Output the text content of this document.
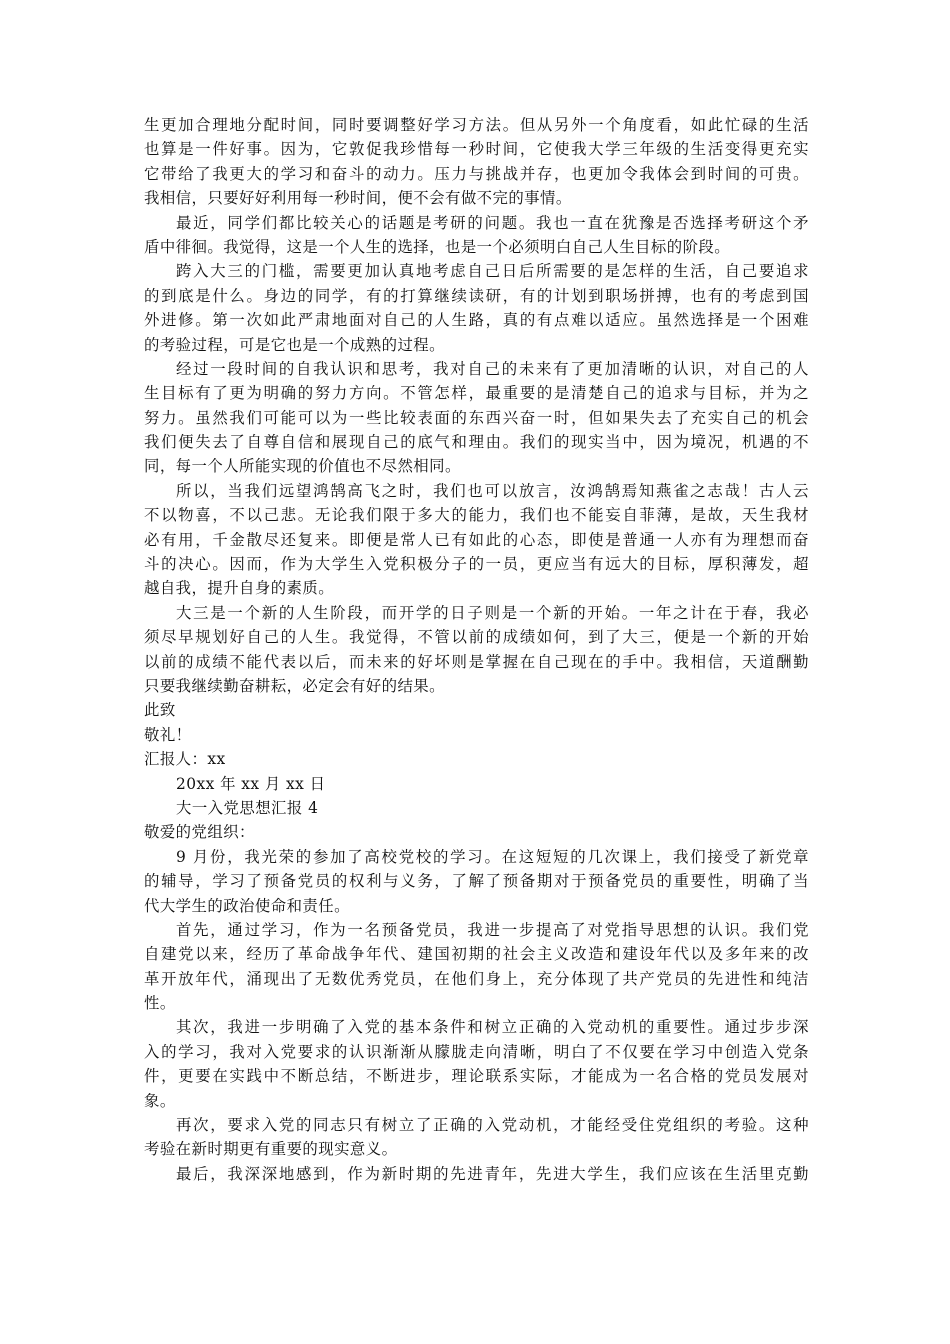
生更加合理地分配时间，同时要调整好学习方法。但从另外一个角度看，如此忙碌的生活
也算是一件好事。因为，它敦促我珍惜每一秒时间，它使我大学三年级的生活变得更充实
它带给了我更大的学习和奋斗的动力。压力与挑战并存，也更加令我体会到时间的可贵。
我相信，只要好好利用每一秒时间，便不会有做不完的事情。
最近，同学们都比较关心的话题是考研的问题。我也一直在犹豫是否选择考研这个矛
盾中徘徊。我觉得，这是一个人生的选择，也是一个必须明白自己人生目标的阶段。
跨入大三的门槛，需要更加认真地考虑自己日后所需要的是怎样的生活，自己要追求
的到底是什么。身边的同学，有的打算继续读研，有的计划到职场拼搏，也有的考虑到国
外进修。第一次如此严肃地面对自己的人生路，真的有点难以适应。虽然选择是一个困难
的考验过程，可是它也是一个成熟的过程。
经过一段时间的自我认识和思考，我对自己的未来有了更加清晰的认识，对自己的人
生目标有了更为明确的努力方向。不管怎样，最重要的是清楚自己的追求与目标，并为之
努力。虽然我们可能可以为一些比较表面的东西兴奋一时，但如果失去了充实自己的机会
我们便失去了自尊自信和展现自己的底气和理由。我们的现实当中，因为境况，机遇的不
同，每一个人所能实现的价值也不尽然相同。
所以，当我们远望鸿鹄高飞之时，我们也可以放言，汝鸿鹄焉知燕雀之志哉！古人云
不以物喜，不以己悲。无论我们限于多大的能力，我们也不能妄自菲薄，是故，天生我材
必有用，千金散尽还复来。即便是常人已有如此的心态，即使是普通一人亦有为理想而奋
斗的决心。因而，作为大学生入党积极分子的一员，更应当有远大的目标，厚积薄发，超
越自我，提升自身的素质。
大三是一个新的人生阶段，而开学的日子则是一个新的开始。一年之计在于春，我必
须尽早规划好自己的人生。我觉得，不管以前的成绩如何，到了大三，便是一个新的开始
以前的成绩不能代表以后，而未来的好坏则是掌握在自己现在的手中。我相信，天道酬勤
只要我继续勤奋耕耘，必定会有好的结果。
此致
敬礼！
汇报人：xx
20xx 年 xx 月 xx 日
大一入党思想汇报 4
敬爱的党组织：
9 月份，我光荣的参加了高校党校的学习。在这短短的几次课上，我们接受了新党章
的辅导，学习了预备党员的权利与义务，了解了预备期对于预备党员的重要性，明确了当
代大学生的政治使命和责任。
首先，通过学习，作为一名预备党员，我进一步提高了对党指导思想的认识。我们党
自建党以来，经历了革命战争年代、建国初期的社会主义改造和建设年代以及多年来的改
革开放年代，涌现出了无数优秀党员，在他们身上，充分体现了共产党员的先进性和纯洁
性。
其次，我进一步明确了入党的基本条件和树立正确的入党动机的重要性。通过步步深
入的学习，我对入党要求的认识渐渐从朦胧走向清晰，明白了不仅要在学习中创造入党条
件，更要在实践中不断总结，不断进步，理论联系实际，才能成为一名合格的党员发展对
象。
再次，要求入党的同志只有树立了正确的入党动机，才能经受住党组织的考验。这种
考验在新时期更有重要的现实意义。
最后，我深深地感到，作为新时期的先进青年，先进大学生，我们应该在生活里克勤
